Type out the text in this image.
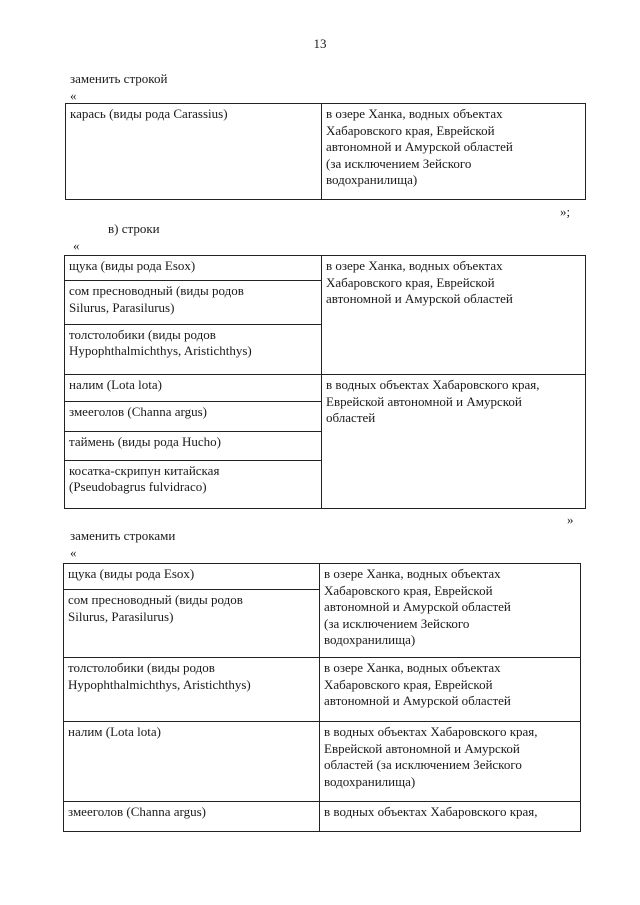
13
заменить строкой
«
карась (виды рода Carassius)	в озере Ханка, водных объектах
Хабаровского края, Еврейской
автономной и Амурской областей
(за исключением Зейского
водохранилища)
»;
в) строки
«
щука (виды рода Esox)	в озере Ханка, водных объектах
Хабаровского края, Еврейской
автономной и Амурской областей

сом пресноводный (виды родов
Silurus, Parasilurus)	

толстолобики (виды родов
Hypophthalmichthys, Aristichthys)	

налим (Lota lota)	в водных объектах Хабаровского края,
Еврейской автономной и Амурской
областей

змееголов (Channa argus)	

таймень (виды рода Hucho)	

косатка-скрипун китайская
(Pseudobagrus fulvidraco)	
»
заменить строками
«
щука (виды рода Esox)	в озере Ханка, водных объектах
Хабаровского края, Еврейской
автономной и Амурской областей
(за исключением Зейского
водохранилища)

сом пресноводный (виды родов
Silurus, Parasilurus)	

толстолобики (виды родов
Hypophthalmichthys, Aristichthys)	в озере Ханка, водных объектах
Хабаровского края, Еврейской
автономной и Амурской областей

налим (Lota lota)	в водных объектах Хабаровского края,
Еврейской автономной и Амурской
областей (за исключением Зейского
водохранилища)

змееголов (Channa argus)	в водных объектах Хабаровского края,
